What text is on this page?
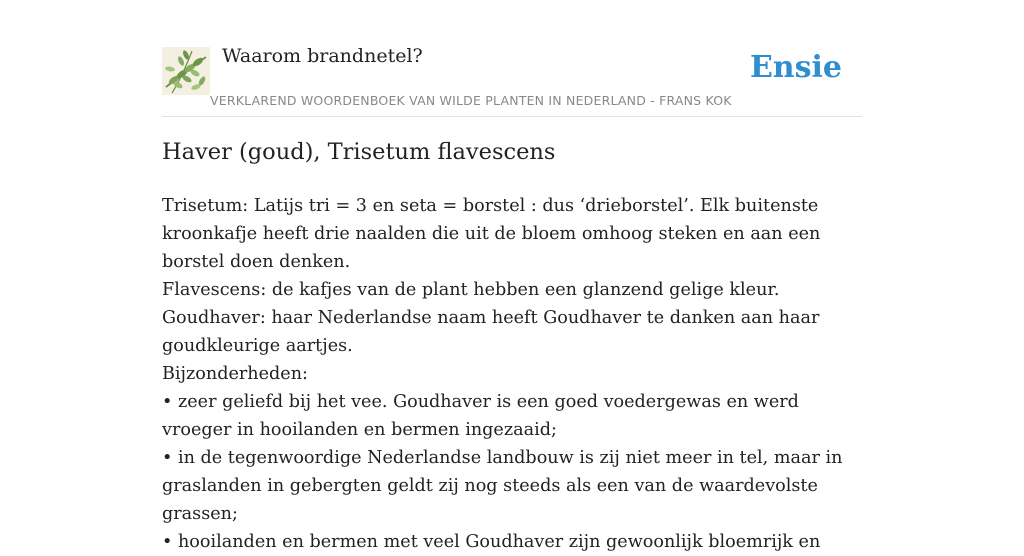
Waarom brandnetel?
VERKLAREND WOORDENBOEK VAN WILDE PLANTEN IN NEDERLAND - FRANS KOK
Ensie
Haver (goud), Trisetum flavescens

Trisetum: Latijs tri = 3 en seta = borstel : dus ‘drieborstel’. Elk buitenste kroonkafje heeft drie naalden die uit de bloem omhoog steken en aan een borstel doen denken.

Flavescens: de kafjes van de plant hebben een glanzend gelige kleur.

Goudhaver: haar Nederlandse naam heeft Goudhaver te danken aan haar goudkleurige aartjes.

Bijzonderheden:

• zeer geliefd bij het vee. Goudhaver is een goed voedergewas en werd vroeger in hooilanden en bermen ingezaaid;

• in de tegenwoordige Nederlandse landbouw is zij niet meer in tel, maar in graslanden in gebergten geldt zij nog steeds als een van de waardevolste grassen;

• hooilanden en bermen met veel Goudhaver zijn gewoonlijk bloemrijk en
